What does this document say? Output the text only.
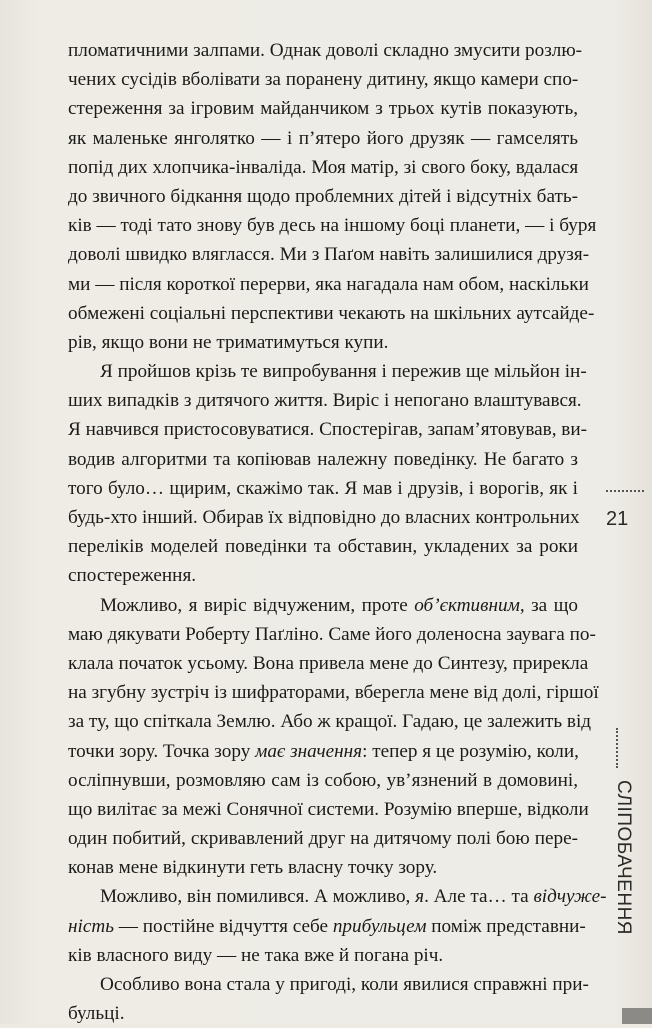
пломатичними залпами. Однак доволі складно змусити розлю-
чених сусідів вболівати за поранену дитину, якщо камери спо-
стереження за ігровим майданчиком з трьох кутів показують,
як маленьке янголятко — і п’ятеро його друзяк — гамселять
попід дих хлопчика-інваліда. Моя матір, зі свого боку, вдалася
до звичного бідкання щодо проблемних дітей і відсутніх бать-
ків — тоді тато знову був десь на іншому боці планети, — і буря
доволі швидко влягласся. Ми з Паґом навіть залишилися друзя-
ми — після короткої перерви, яка нагадала нам обом, наскільки
обмежені соціальні перспективи чекають на шкільних аутсайде-
рів, якщо вони не триматимуться купи.
Я пройшов крізь те випробування і пережив ще мільйон ін-
ших випадків з дитячого життя. Виріс і непогано влаштувався.
Я навчився пристосовуватися. Спостерігав, запам’ятовував, ви-
водив алгоритми та копіював належну поведінку. Не багато з
того було… щирим, скажімо так. Я мав і друзів, і ворогів, як і
будь-хто інший. Обирав їх відповідно до власних контрольних
переліків моделей поведінки та обставин, укладених за роки
спостереження.
Можливо, я виріс відчуженим, проте об’єктивним, за що
маю дякувати Роберту Паґліно. Саме його доленосна заувага по-
клала початок усьому. Вона привела мене до Синтезу, прирекла
на згубну зустріч із шифраторами, вберегла мене від долі, гіршої
за ту, що спіткала Землю. Або ж кращої. Гадаю, це залежить від
точки зору. Точка зору має значення: тепер я це розумію, коли,
осліпнувши, розмовляю сам із собою, ув’язнений в домовині,
що вилітає за межі Сонячної системи. Розумію вперше, відколи
один побитий, скривавлений друг на дитячому полі бою пере-
конав мене відкинути геть власну точку зору.
Можливо, він помилився. А можливо, я. Але та… та відчуже-
ність — постійне відчуття себе прибульцем поміж представни-
ків власного виду — не така вже й погана річ.
Особливо вона стала у пригоді, коли явилися справжні при-
бульці.
21
СЛІПОБАЧЕННЯ
